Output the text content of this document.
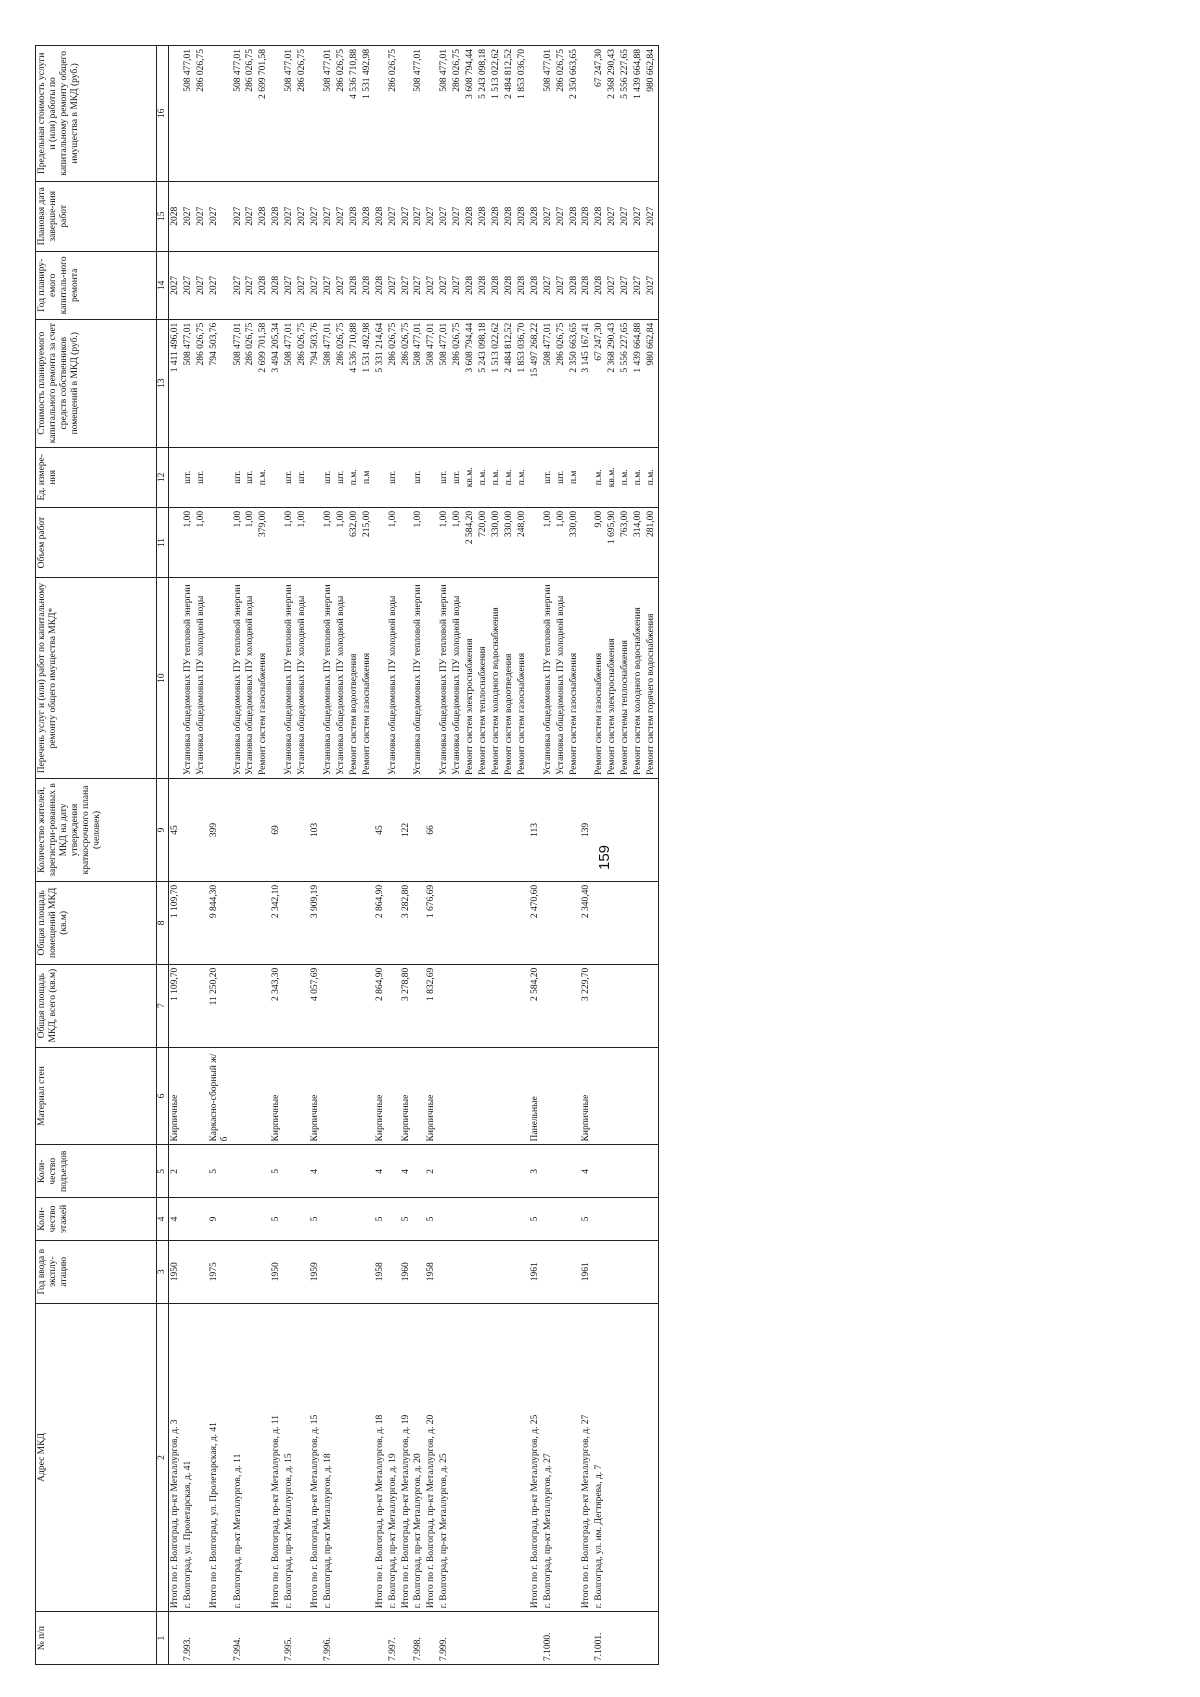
159
№ п/п	Адрес МКД	Год ввода в эксплу-атацию	Коли-чество этажей	Коли-чество подъездов	Материал стен	Общая площадь МКД, всего (кв.м)	Общая площадь помещений МКД (кв.м)	Количество жителей, зарегистри-рованных в МКД на дату утверждения краткосрочного плана (человек)	Перечень услуг и (или) работ по капитальному ремонту общего имущества МКД*	Объем работ	Ед. измере-ния	Стоимость планируемого капитального ремонта за счет средств собственников помещений в МКД (руб.)	Год планиру-емого капиталь-ного ремонта	Плановая дата заверше-ния работ	Предельная стоимость услуги и (или) работы по капитальному ремонту общего имущества в МКД (руб.)
1	2	3	4	5	6	7	8	9	10	11	12	13	14	15	16
	Итого по г. Волгоград, пр-кт Металлургов, д. 3	1950	4	2	Кирпичные	1 109,70	1 109,70	45				1 411 496,01	2027	2028	
7.993.	г. Волгоград, ул. Пролетарская, д. 41								Установка общедомовых ПУ тепловой энергии	1,00	шт.	508 477,01	2027	2027	508 477,01
									Установка общедомовых ПУ холодной воды	1,00	шт.	286 026,75	2027	2027	286 026,75
	Итого по г. Волгоград, ул. Пролетарская, д. 41	1975	9	5	Каркасно-сборный ж/б	11 250,20	9 844,30	399				794 503,76	2027	2027	
7.994.	г. Волгоград, пр-кт Металлургов, д. 11								Установка общедомовых ПУ тепловой энергии	1,00	шт.	508 477,01	2027	2027	508 477,01
									Установка общедомовых ПУ холодной воды	1,00	шт.	286 026,75	2027	2027	286 026,75
									Ремонт систем газоснабжения	379,00	п.м.	2 699 701,58	2028	2028	2 699 701,58
	Итого по г. Волгоград, пр-кт Металлургов, д. 11	1950	5	5	Кирпичные	2 343,30	2 342,10	69				3 494 205,34	2028	2028	
7.995.	г. Волгоград, пр-кт Металлургов, д. 15								Установка общедомовых ПУ тепловой энергии	1,00	шт.	508 477,01	2027	2027	508 477,01
									Установка общедомовых ПУ холодной воды	1,00	шт.	286 026,75	2027	2027	286 026,75
	Итого по г. Волгоград, пр-кт Металлургов, д. 15	1959	5	4	Кирпичные	4 057,69	3 909,19	103				794 503,76	2027	2027	
7.996.	г. Волгоград, пр-кт Металлургов, д. 18								Установка общедомовых ПУ тепловой энергии	1,00	шт.	508 477,01	2027	2027	508 477,01
									Установка общедомовых ПУ холодной воды	1,00	шт.	286 026,75	2027	2027	286 026,75
									Ремонт систем водоотведения	632,00	п.м.	4 536 710,88	2028	2028	4 536 710,88
									Ремонт систем газоснабжения	215,00	п.м	1 531 492,98	2028	2028	1 531 492,98
	Итого по г. Волгоград, пр-кт Металлургов, д. 18	1958	5	4	Кирпичные	2 864,90	2 864,90	45				5 331 214,64	2028	2028	
7.997.	г. Волгоград, пр-кт Металлургов, д. 19								Установка общедомовых ПУ холодной воды	1,00	шт.	286 026,75	2027	2027	286 026,75
	Итого по г. Волгоград, пр-кт Металлургов, д. 19	1960	5	4	Кирпичные	3 278,80	3 282,80	122				286 026,75	2027	2027	
7.998.	г. Волгоград, пр-кт Металлургов, д. 20								Установка общедомовых ПУ тепловой энергии	1,00	шт.	508 477,01	2027	2027	508 477,01
	Итого по г. Волгоград, пр-кт Металлургов, д. 20	1958	5	2	Кирпичные	1 832,69	1 676,69	66				508 477,01	2027	2027	
7.999.	г. Волгоград, пр-кт Металлургов, д. 25								Установка общедомовых ПУ тепловой энергии	1,00	шт.	508 477,01	2027	2027	508 477,01
									Установка общедомовых ПУ холодной воды	1,00	шт.	286 026,75	2027	2027	286 026,75
									Ремонт систем электроснабжения	2 584,20	кв.м.	3 608 794,44	2028	2028	3 608 794,44
									Ремонт систем теплоснабжения	720,00	п.м.	5 243 098,18	2028	2028	5 243 098,18
									Ремонт систем холодного водоснабжения	330,00	п.м.	1 513 022,62	2028	2028	1 513 022,62
									Ремонт систем водоотведения	330,00	п.м.	2 484 812,52	2028	2028	2 484 812,52
									Ремонт систем газоснабжения	248,00	п.м.	1 853 036,70	2028	2028	1 853 036,70
	Итого по г. Волгоград, пр-кт Металлургов, д. 25	1961	5	3	Панельные	2 584,20	2 470,60	113				15 497 268,22	2028	2028	
7.1000.	г. Волгоград, пр-кт Металлургов, д. 27								Установка общедомовых ПУ тепловой энергии	1,00	шт.	508 477,01	2027	2027	508 477,01
									Установка общедомовых ПУ холодной воды	1,00	шт.	286 026,75	2027	2027	286 026,75
									Ремонт систем газоснабжения	330,00	п.м	2 350 663,65	2028	2028	2 350 663,65
	Итого по г. Волгоград, пр-кт Металлургов, д. 27	1961	5	4	Кирпичные	3 229,70	2 340,40	139				3 145 167,41	2028	2028	
7.1001.	г. Волгоград, ул. им. Дегтярева, д. 7								Ремонт систем газоснабжения	9,00	п.м.	67 247,30	2028	2028	67 247,30
									Ремонт систем электроснабжения	1 695,90	кв.м.	2 368 290,43	2027	2027	2 368 290,43
									Ремонт системы теплоснабжения	763,00	п.м.	5 556 227,65	2027	2027	5 556 227,65
									Ремонт систем холодного водоснабжения	314,00	п.м.	1 439 664,88	2027	2027	1 439 664,88
									Ремонт систем горячего водоснабжения	281,00	п.м.	980 662,84	2027	2027	980 662,84
